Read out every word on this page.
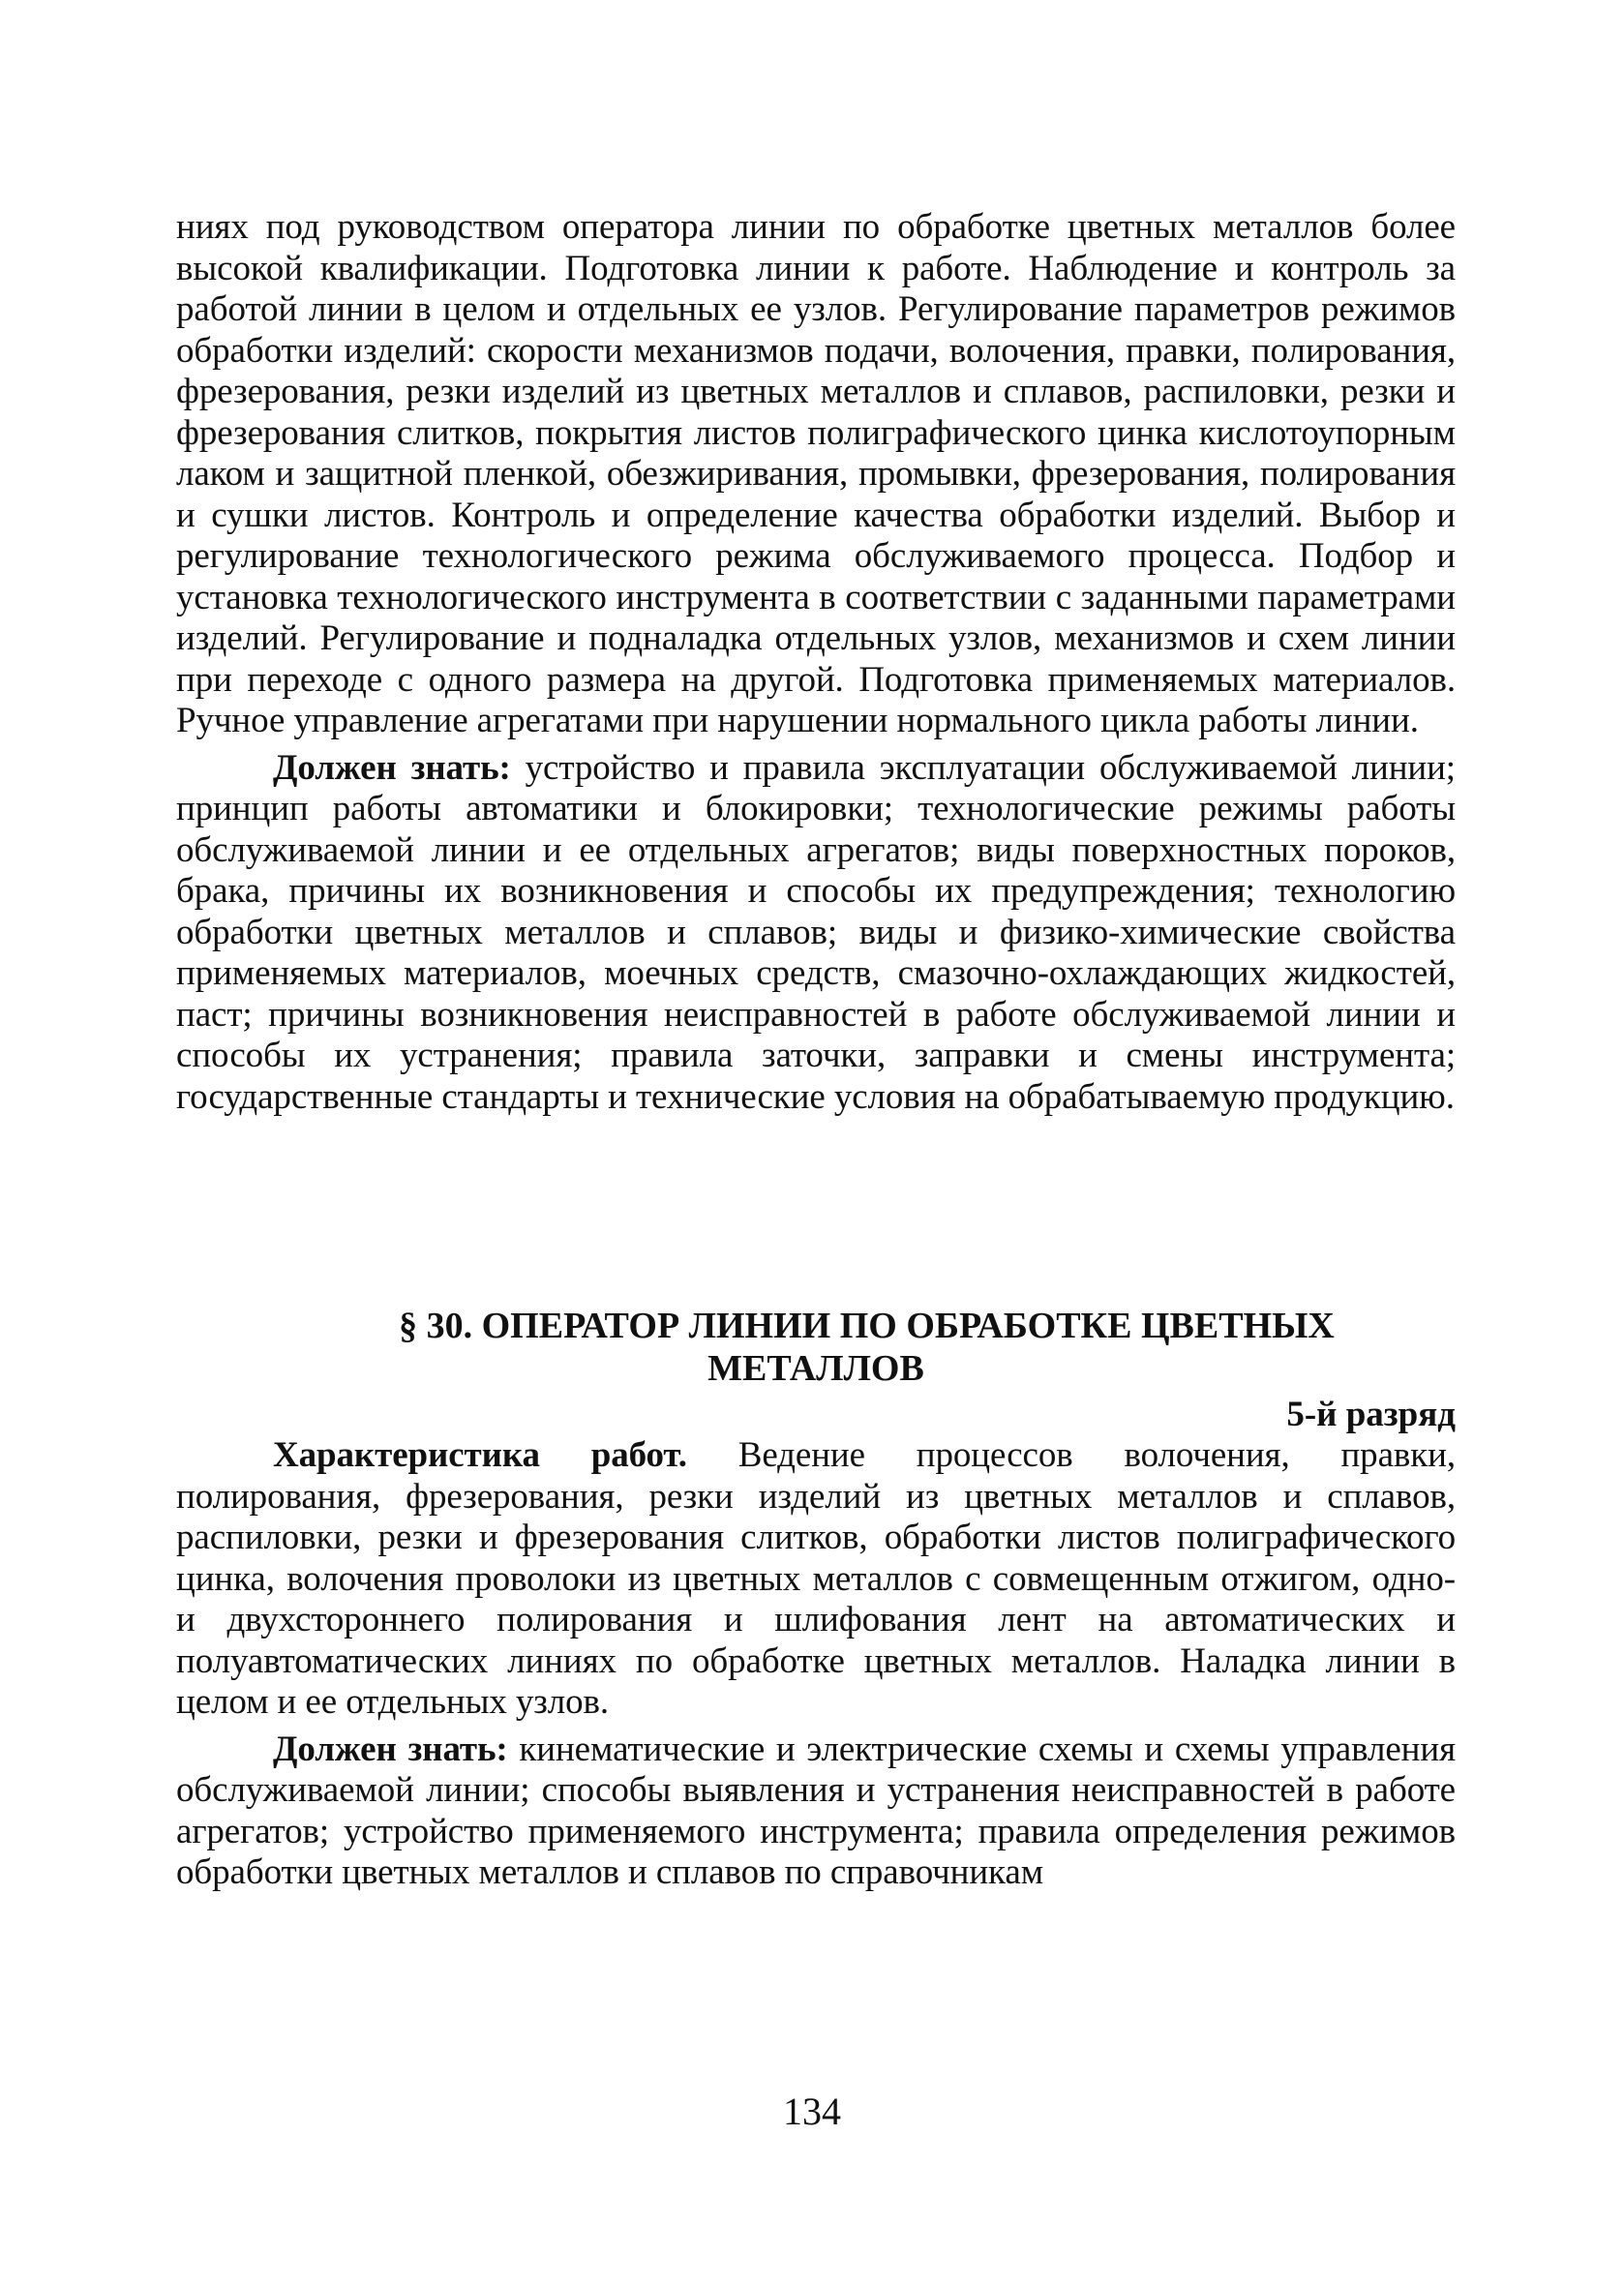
ниях под руководством оператора линии по обработке цветных металлов более высокой квалификации. Подготовка линии к работе. Наблюдение и контроль за работой линии в целом и отдельных ее узлов. Регулирование параметров режимов обработки изделий: скорости механизмов подачи, волочения, правки, полирования, фрезерования, резки изделий из цветных металлов и сплавов, распиловки, резки и фрезерования слитков, покрытия листов полиграфического цинка кислотоупорным лаком и защитной пленкой, обезжиривания, промывки, фрезерования, полирования и сушки листов. Контроль и определение качества обработки изделий. Выбор и регулирование технологического режима обслуживаемого процесса. Подбор и установка технологического инструмента в соответствии с заданными параметрами изделий. Регулирование и подналадка отдельных узлов, механизмов и схем линии при переходе с одного размера на другой. Подготовка применяемых материалов. Ручное управление агрегатами при нарушении нормального цикла работы линии.

Должен знать: устройство и правила эксплуатации обслуживаемой линии; принцип работы автоматики и блокировки; технологические режимы работы обслуживаемой линии и ее отдельных агрегатов; виды поверхностных пороков, брака, причины их возникновения и способы их предупреждения; технологию обработки цветных металлов и сплавов; виды и физико-химические свойства применяемых материалов, моечных средств, смазочно-охлаждающих жидкостей, паст; причины возникновения неисправностей в работе обслуживаемой линии и способы их устранения; правила заточки, заправки и смены инструмента; государственные стандарты и технические условия на обрабатываемую продукцию.

§ 30. ОПЕРАТОР ЛИНИИ ПО ОБРАБОТКЕ ЦВЕТНЫХ
МЕТАЛЛОВ
5-й разряд

Характеристика работ. Ведение процессов волочения, правки, полирования, фрезерования, резки изделий из цветных металлов и сплавов, распиловки, резки и фрезерования слитков, обработки листов полиграфического цинка, волочения проволоки из цветных металлов с совмещенным отжигом, одно- и двухстороннего полирования и шлифования лент на автоматических и полуавтоматических линиях по обработке цветных металлов. Наладка линии в целом и ее отдельных узлов.

Должен знать: кинематические и электрические схемы и схемы управления обслуживаемой линии; способы выявления и устранения неисправностей в работе агрегатов; устройство применяемого инструмента; правила определения режимов обработки цветных металлов и сплавов по справочникам

134
